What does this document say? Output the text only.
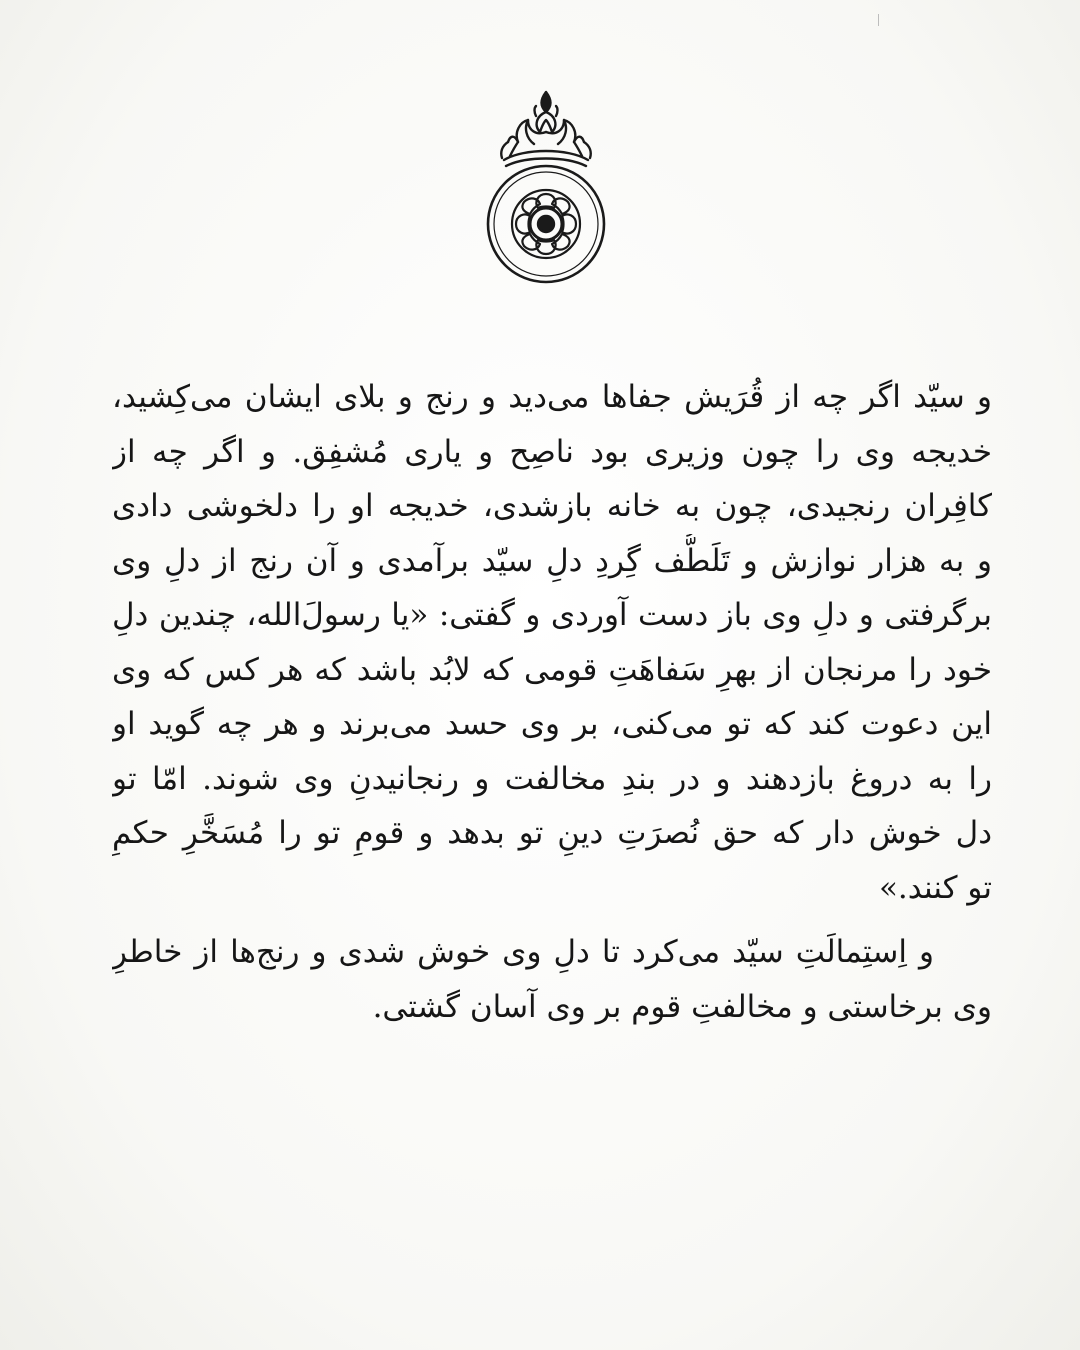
و سیّد اگر چه از قُرَیش جفاها می‌دید و رنج و بلای ایشان می‌کِشید،
خدیجه وی را چون وزیری بود ناصِح و یاری مُشفِق. و اگر چه از
کافِران رنجیدی، چون به خانه بازشدی، خدیجه او را دلخوشی دادی
و به هزار نوازش و تَلَطُّف گِردِ دلِ سیّد برآمدی و آن رنج از دلِ وی
برگرفتی و دلِ وی باز دست آوردی و گفتی: «یا رسولَ‌الله، چندین دلِ
خود را مرنجان از بهرِ سَفاهَتِ قومی که لابُد باشد که هر کس که وی
این دعوت کند که تو می‌کنی، بر وی حسد می‌برند و هر چه گوید او
را به دروغ بازدهند و در بندِ مخالفت و رنجانیدنِ وی شوند. امّا تو
دل خوش دار که حق نُصرَتِ دینِ تو بدهد و قومِ تو را مُسَخَّرِ حکمِ
تو کنند.»
و اِستِمالَتِ سیّد می‌کرد تا دلِ وی خوش شدی و رنج‌ها از خاطرِ
وی برخاستی و مخالفتِ قوم بر وی آسان گشتی.
